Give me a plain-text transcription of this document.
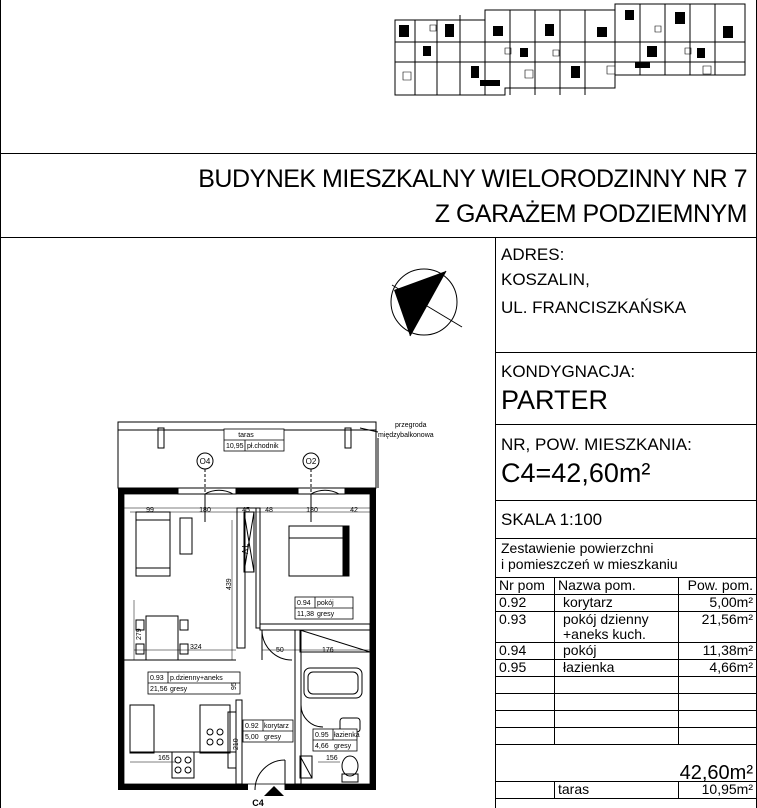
BUDYNEK MIESZKALNY WIELORODZINNY NR 7
Z GARAŻEM PODZIEMNYM
ADRES:
KOSZALIN,
UL. FRANCISZKAŃSKA
KONDYGNACJA:
PARTER
NR, POW. MIESZKANIA:
C4=42,60m²
SKALA 1:100
Zestawienie powierzchni
i pomieszczeń w mieszkaniu
Nr pom	Nazwa pom.	Pow. pom.
0.92	korytarz	5,00m²
0.93	pokój dzienny
+aneks kuch.	21,56m²
0.94	pokój	11,38m²
0.95	łazienka	4,66m²

42,60m²		
	taras	10,95m²
taras
10,95 pł.chodnik
przegroda
międzybalkonowa
O4	O2
99	180	45 48	180	42
324
439
279
95
210
50	176
165	156
0.93 p.dzienny+aneks
21,56 gresy
0.94 pokój
11,38 gresy
0.92 korytarz
5,00 gresy	0.95 łazienka
4,66 gresy
TV
C4
